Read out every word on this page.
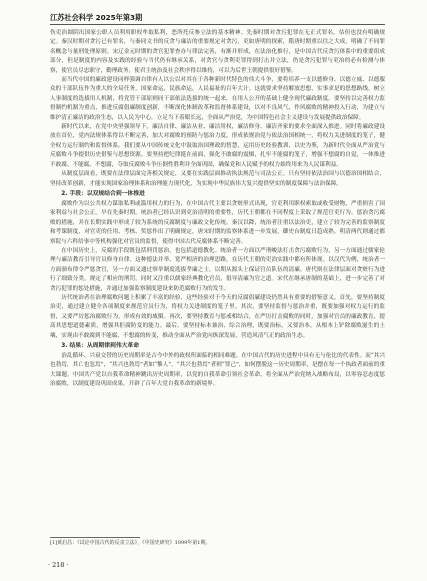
江苏社会科学 2025年第3期

伤吏治圆阴出国家公职人员利用职权牟取私利，恶所托反参立法的基本精神。先秦时期对贪污犯罪在无正式罪名，估但也没有明确规定。秦汉时期对贪污已有罪名，与秦同文书的反贪与廉洁的重要规定对贪污，吏如唐明的探索，隋唐时期重以往之大成，明确了不同罪名概念与量刑处理原则。宋辽金元时期的贪官犯罪查办与律法完善，有渐并形成，在法治化推行，是中国古代反贪污体系中的重要组成部分，但是制度的内容及实践的经验与当代仍有继承关系，对贪官与贪利吏罪得到打击并立法，仍是贪污犯罪与吏治的必有检测与体察，使官员尽忠职守，勤理政务，使君主统治及社会秩序得以维持，可以为后世王朝提供很好借鉴。

而当代中国的廉政建设同样强调自律有人以公以对其在于各种新时代特色的伟大斗争，要将培养一支以德修身、以德立威、以德服众的干部队伍作为重大的全局任务，国家命运，民族命运，人民福祉的百年大计。这就要求坚持解放思想，实事求是的思想路线，树立人事制度的选拔用人机制，将党管干部原则同干部依法选拔的统一起来，在用人公开的基础上健全现代廉政制度。要坚持以完善权力监督制约机制为重点，推进反腐倡廉制度创新，不断深化体制改革和监督体系建设，以对不良风气、作风腐败的精神投入行动，为建立与维护清正廉洁的政治生态，以人民为中心，立足当下着眼长远，全面从严治党，为中国特色社会主义建设与发展提供政治保障。

新时代以来，在党中央坚强领导下，廉洁自律、廉洁从业、廉洁用权，廉洁修身、廉洁齐家的要求全面深入推进。同时将廉政建设放在首位，党内法规体系得以不断完善，加大对腐败的预防与惩治力度，形成依规治党与依法治国相统一，将权力关进制度的笼子，健全权力运行制约和监督体系。我们要从中国传统文化中汲取治国理政的智慧，运用历史经验教训，以史为鉴，为新时代全面从严治党与反腐败斗争提供历史借鉴与思想资源。要坚持把纪律挺在前面，强化不敢腐的震慑，扎牢不能腐的笼子，增强不想腐的自觉，一体推进不敢腐、不能腐、不想腐，夺取反腐败斗争压倒性胜利并全面巩固，确保党和人民赋予的权力始终用来为人民谋利益。

从制度层面看，既要在法律层面完善相关规定，又要在实践层面推动执法规范与司法公正。只有坚持依法治国与以德治国相结合，坚持改革创新，才能实现国家治理体系和治理能力现代化，为实现中华民族伟大复兴提供坚实的制度保障与法治保障。

2. 手段：以双规结合到一体推进

腐败作为以公共权力谋取私利或滥用权力的行为，在中国古代主要以贪赃形式出现，官吏利用职权索取或收受财物，严重损害了国家利益与社会公正。早在先秦时期，统治者已经认识到吏治清明的重要性，历代王朝都在不同程度上采取了规范官吏行为、惩治贪污腐败的措施，并在长期实践中形成了较为系统的反腐制度与廉政文化传统。秦汉以降，统治者注重以法治吏，建立了较为完善的监察制度和考课制度，对官吏的任用、考核、奖惩作出了明确规定，唐宋时期的监察体系进一步发展，御史台制度日趋成熟，明清两代则通过都察院与六科给事中等机构强化对官员的监督，使得中国古代反腐体系不断完善。

在中国历史上，反腐的手段既包括刑罚惩治，也包括道德教化。统治者一方面以严刑峻法打击贪污腐败行为，另一方面通过儒家伦理与廉洁教育引导官员修身自律。这种德法并举、宽严相济的治理思路，在历代王朝的吏治实践中都有所体现。以汉代为例，统治者一方面颁布律令严惩贪官，另一方面又通过察举制度选拔孝廉之士，以期从源头上保证官员队伍的清廉。唐代则在法律层面对贪赃行为进行了细致分类，规定了相应的刑罚，同时又注重以儒家经典教化官员，倡导清廉为官之道。宋代在继承唐制的基础上，进一步完善了对贪污犯罪的惩处措施，并通过加强监察制度建设来防范腐败行为的发生。

历代统治者在治理腐败问题上积累了丰富的经验，这些经验对于今天的反腐倡廉建设仍然具有重要的借鉴意义。首先，要坚持制度治吏，通过建立健全各项制度来规范官员行为，将权力关进制度的笼子里。其次，要坚持监督与惩治并重，既要加强对权力运行的监督，又要严厉惩治腐败行为，形成有效的威慑。再次，要坚持教育与惩戒相结合，在严厉打击腐败的同时，加强对官员的廉政教育，提高其思想道德素质，增强其拒腐防变的能力。最后，要坚持标本兼治、综合治理，既要治标，又要治本，从根本上铲除腐败滋生的土壤，实现由不敢腐到不能腐、不想腐的转变，推动全面从严治党向纵深发展，营造风清气正的政治生态。

3. 结果：从周期律到伟大革命

治乱循环、兴衰交替的历史周期率是古今中外的政权所面临的相同难题。在中国古代的历史进程中具有无与伦比的代表性。而“其兴也勃焉，其亡也忽焉”，“其兴也勃焉”者如“黎人”，“其兴也勃焉”者则“罪己”，如何摆脱这一历史周期率，是摆在每一个执政者面前的重大课题。中国共产党以自我革命精神跳出历史周期率，以党的自我革命引领社会革命，将全面从严治党纳入战略布局，以零容忍态度惩治腐败，以制度建设巩固成果，开辟了百年大党自我革命的新境界。

[1]黄启昌：《试论中国古代的反贪立法》，《中国史研究》1999年第1期。
· 218 ·
